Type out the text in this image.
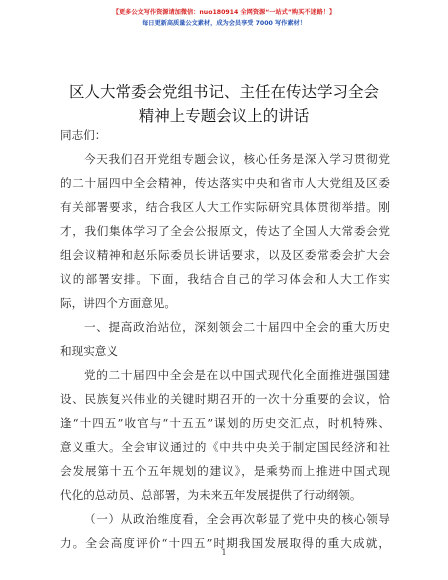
【更多公文写作资源请加微信：nuo180914 全网资源“一站式”购买不迷路！】
每日更新高质量公文素材，成为会员享受 7000 写作素材！
区人大常委会党组书记、主任在传达学习全会
精神上专题会议上的讲话
同志们：
今天我们召开党组专题会议，核心任务是深入学习贯彻党
的二十届四中全会精神，传达落实中央和省市人大党组及区委
有关部署要求，结合我区人大工作实际研究具体贯彻举措。刚
才，我们集体学习了全会公报原文，传达了全国人大常委会党
组会议精神和赵乐际委员长讲话要求，以及区委常委会扩大会
议的部署安排。下面，我结合自己的学习体会和人大工作实
际，讲四个方面意见。
一、提高政治站位，深刻领会二十届四中全会的重大历史
和现实意义
党的二十届四中全会是在以中国式现代化全面推进强国建
设、民族复兴伟业的关键时期召开的一次十分重要的会议，恰
逢“十四五”收官与“十五五”谋划的历史交汇点，时机特殊、
意义重大。全会审议通过的《中共中央关于制定国民经济和社
会发展第十五个五年规划的建议》，是乘势而上推进中国式现
代化的总动员、总部署，为未来五年发展提供了行动纲领。
（一）从政治维度看，全会再次彰显了党中央的核心领导
力。全会高度评价“十四五”时期我国发展取得的重大成就，
1
